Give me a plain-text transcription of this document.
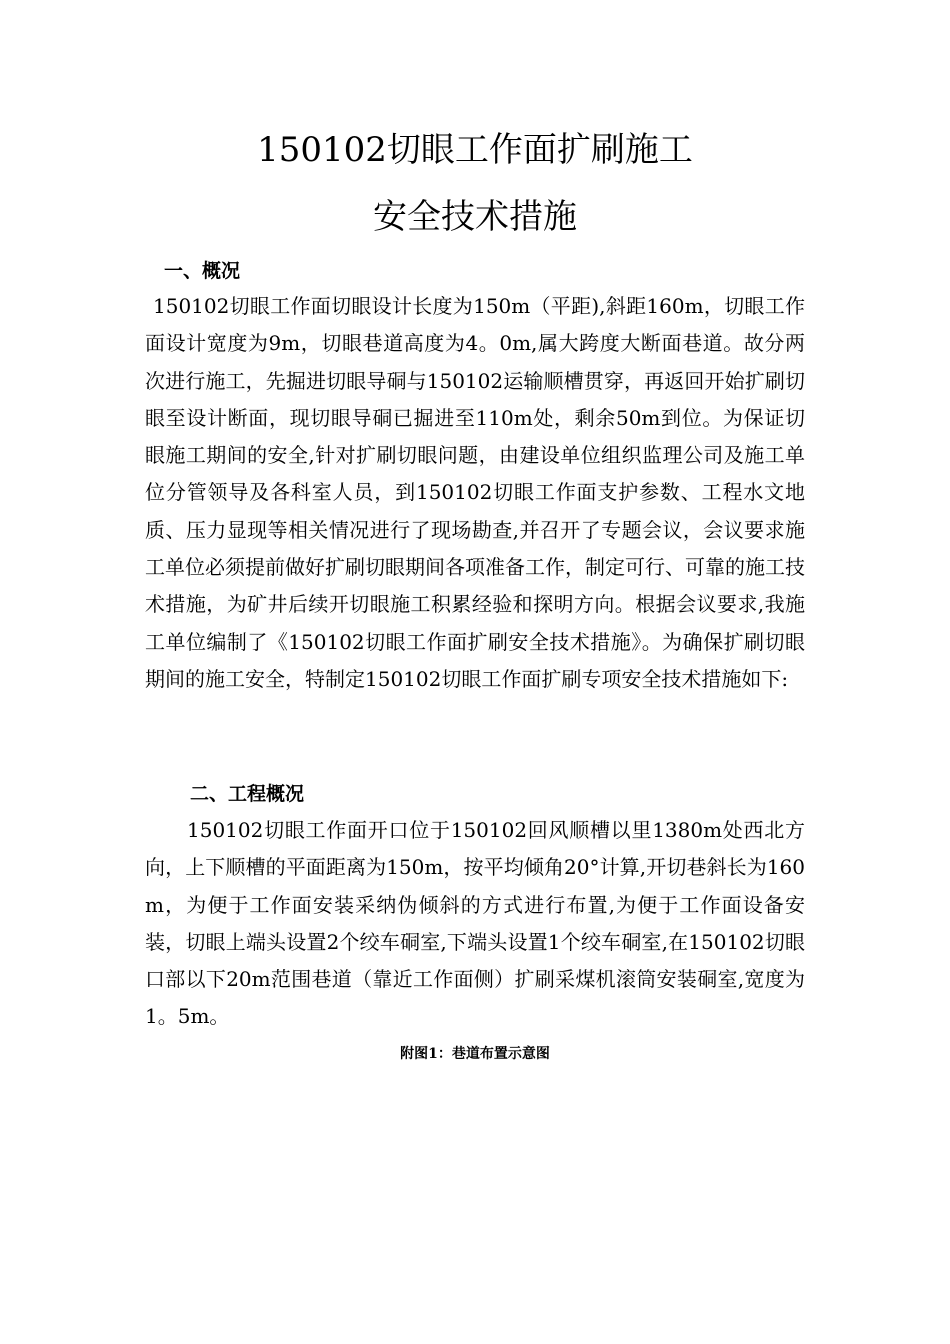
150102切眼工作面扩刷施工
安全技术措施
一、概况
150102切眼工作面切眼设计长度为150m（平距),斜距160m，切眼工作面设计宽度为9m，切眼巷道高度为4。0m,属大跨度大断面巷道。故分两次进行施工，先掘进切眼导硐与150102运输顺槽贯穿，再返回开始扩刷切眼至设计断面，现切眼导硐已掘进至110m处，剩余50m到位。为保证切眼施工期间的安全,针对扩刷切眼问题，由建设单位组织监理公司及施工单位分管领导及各科室人员，到150102切眼工作面支护参数、工程水文地质、压力显现等相关情况进行了现场勘查,并召开了专题会议，会议要求施工单位必须提前做好扩刷切眼期间各项准备工作，制定可行、可靠的施工技术措施，为矿井后续开切眼施工积累经验和探明方向。根据会议要求,我施工单位编制了《150102切眼工作面扩刷安全技术措施》。为确保扩刷切眼期间的施工安全，特制定150102切眼工作面扩刷专项安全技术措施如下:
二、工程概况
150102切眼工作面开口位于150102回风顺槽以里1380m处西北方向，上下顺槽的平面距离为150m，按平均倾角20°计算,开切巷斜长为160m，为便于工作面安装采纳伪倾斜的方式进行布置,为便于工作面设备安装，切眼上端头设置2个绞车硐室,下端头设置1个绞车硐室,在150102切眼口部以下20m范围巷道（靠近工作面侧）扩刷采煤机滚筒安装硐室,宽度为1。5m。
附图1：巷道布置示意图
